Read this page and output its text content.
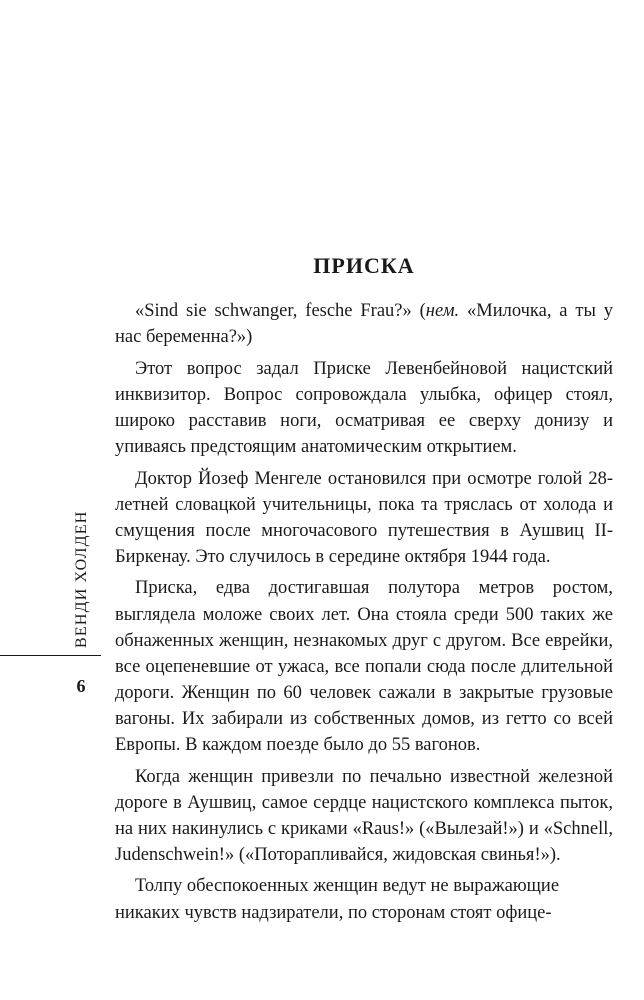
ПРИСКА

«Sind sie schwanger, fesche Frau?» (нем. «Милочка, а ты у нас беременна?»)

Этот вопрос задал Приске Левенбейновой нацистский инквизитор. Вопрос сопровождала улыбка, офицер стоял, широко расставив ноги, осматривая ее сверху донизу и упиваясь предстоящим анатомическим открытием.

Доктор Йозеф Менгеле остановился при осмотре голой 28-летней словацкой учительницы, пока та тряслась от холода и смущения после многочасового путешествия в Аушвиц II-Биркенау. Это случилось в середине октября 1944 года.

Приска, едва достигавшая полутора метров ростом, выглядела моложе своих лет. Она стояла среди 500 таких же обнаженных женщин, незнакомых друг с другом. Все еврейки, все оцепеневшие от ужаса, все попали сюда после длительной дороги. Женщин по 60 человек сажали в закрытые грузовые вагоны. Их забирали из собственных домов, из гетто со всей Европы. В каждом поезде было до 55 вагонов.

Когда женщин привезли по печально известной железной дороге в Аушвиц, самое сердце нацистского комплекса пыток, на них накинулись с криками «Raus!» («Вылезай!») и «Schnell, Judenschwein!» («Поторапливайся, жидовская свинья!»).

Толпу обеспокоенных женщин ведут не выражающие никаких чувств надзиратели, по сторонам стоят офице-

ВЕНДИ ХОЛДЕН
6
